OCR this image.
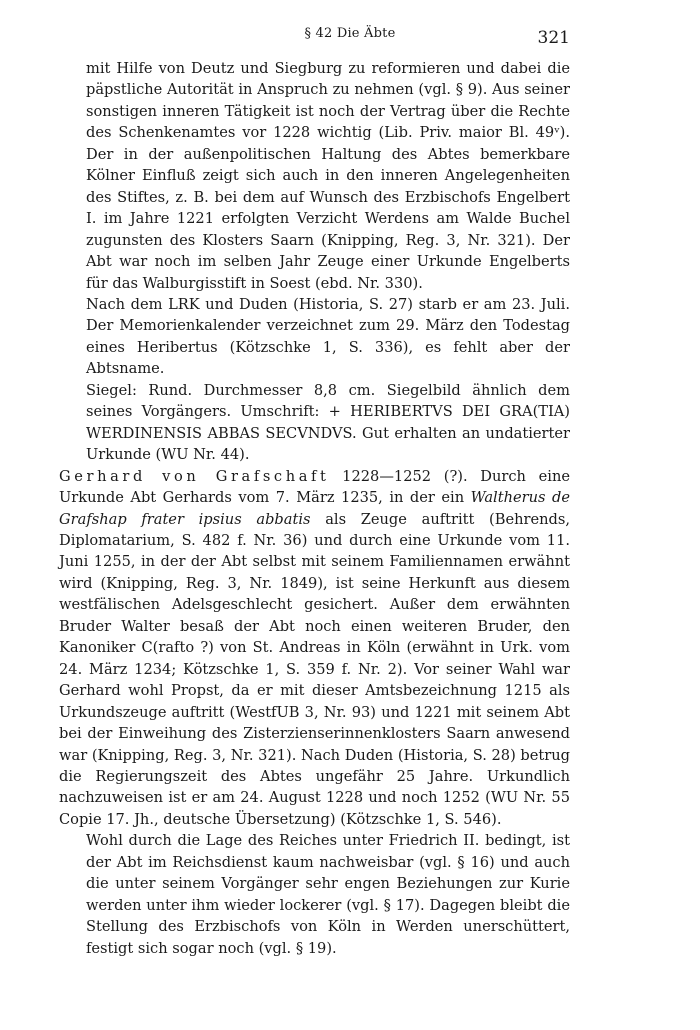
§ 42 Die Äbte	321

mit Hilfe von Deutz und Siegburg zu reformieren und dabei die päpstliche Autorität in Anspruch zu nehmen (vgl. § 9). Aus seiner sonstigen inneren Tätigkeit ist noch der Vertrag über die Rechte des Schenkenamtes vor 1228 wichtig (Lib. Priv. maior Bl. 49ᵛ). Der in der außenpolitischen Haltung des Abtes bemerkbare Kölner Einfluß zeigt sich auch in den inneren Angelegenheiten des Stiftes, z. B. bei dem auf Wunsch des Erzbischofs Engelbert I. im Jahre 1221 erfolgten Verzicht Werdens am Walde Buchel zugunsten des Klosters Saarn (Knipping, Reg. 3, Nr. 321). Der Abt war noch im selben Jahr Zeuge einer Urkunde Engelberts für das Walburgisstift in Soest (ebd. Nr. 330).

Nach dem LRK und Duden (Historia, S. 27) starb er am 23. Juli. Der Memorienkalender verzeichnet zum 29. März den Todestag eines Heribertus (Kötzschke 1, S. 336), es fehlt aber der Abtsname.

Siegel: Rund. Durchmesser 8,8 cm. Siegelbild ähnlich dem seines Vorgängers. Umschrift: + HERIBERTVS DEI GRA(TIA) WERDINENSIS ABBAS SECVNDVS. Gut erhalten an undatierter Urkunde (WU Nr. 44).

Gerhard von Grafschaft 1228—1252 (?). Durch eine Urkunde Abt Gerhards vom 7. März 1235, in der ein Waltherus de Grafshap frater ipsius abbatis als Zeuge auftritt (Behrends, Diplomatarium, S. 482 f. Nr. 36) und durch eine Urkunde vom 11. Juni 1255, in der der Abt selbst mit seinem Familiennamen erwähnt wird (Knipping, Reg. 3, Nr. 1849), ist seine Herkunft aus diesem westfälischen Adelsgeschlecht gesichert. Außer dem erwähnten Bruder Walter besaß der Abt noch einen weiteren Bruder, den Kanoniker C(rafto ?) von St. Andreas in Köln (erwähnt in Urk. vom 24. März 1234; Kötzschke 1, S. 359 f. Nr. 2). Vor seiner Wahl war Gerhard wohl Propst, da er mit dieser Amtsbezeichnung 1215 als Urkundszeuge auftritt (WestfUB 3, Nr. 93) und 1221 mit seinem Abt bei der Einweihung des Zisterzienserinnenklosters Saarn anwesend war (Knipping, Reg. 3, Nr. 321). Nach Duden (Historia, S. 28) betrug die Regierungszeit des Abtes ungefähr 25 Jahre. Urkundlich nachzuweisen ist er am 24. August 1228 und noch 1252 (WU Nr. 55 Copie 17. Jh., deutsche Übersetzung) (Kötzschke 1, S. 546).

Wohl durch die Lage des Reiches unter Friedrich II. bedingt, ist der Abt im Reichsdienst kaum nachweisbar (vgl. § 16) und auch die unter seinem Vorgänger sehr engen Beziehungen zur Kurie werden unter ihm wieder lockerer (vgl. § 17). Dagegen bleibt die Stellung des Erzbischofs von Köln in Werden unerschüttert, festigt sich sogar noch (vgl. § 19).
